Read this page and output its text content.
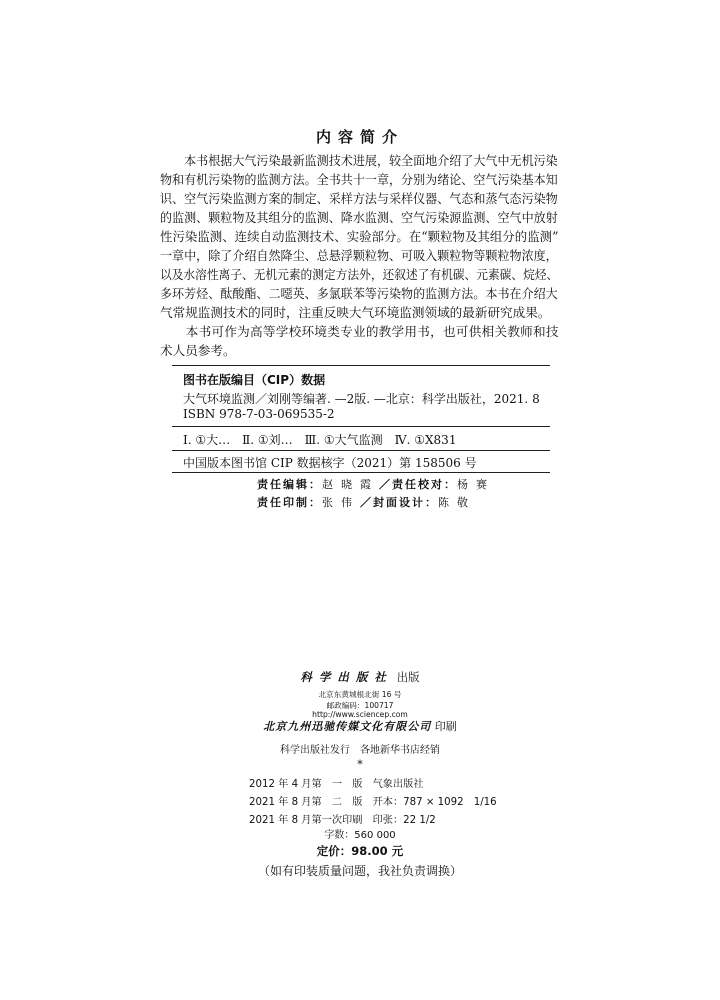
内容简介
　　本书根据大气污染最新监测技术进展，较全面地介绍了大气中无机污染
物和有机污染物的监测方法。全书共十一章，分别为绪论、空气污染基本知
识、空气污染监测方案的制定、采样方法与采样仪器、气态和蒸气态污染物
的监测、颗粒物及其组分的监测、降水监测、空气污染源监测、空气中放射
性污染监测、连续自动监测技术、实验部分。在“颗粒物及其组分的监测”
一章中，除了介绍自然降尘、总悬浮颗粒物、可吸入颗粒物等颗粒物浓度，
以及水溶性离子、无机元素的测定方法外，还叙述了有机碳、元素碳、烷烃、
多环芳烃、酞酸酯、二噁英、多氯联苯等污染物的监测方法。本书在介绍大
气常规监测技术的同时，注重反映大气环境监测领域的最新研究成果。
　　本书可作为高等学校环境类专业的教学用书，也可供相关教师和技
术人员参考。
图书在版编目（CIP）数据
大气环境监测／刘刚等编著. —2版. —北京：科学出版社，2021. 8
ISBN 978-7-03-069535-2
Ⅰ. ①大…　Ⅱ. ①刘…　Ⅲ. ①大气监测　Ⅳ. ①X831
中国版本图书馆 CIP 数据核字（2021）第 158506 号
责任编辑：赵晓霞／责任校对：杨赛
责任印制：张伟／封面设计：陈敬
科学出版社 出版
北京东黄城根北街 16 号
邮政编码：100717
http://www.sciencep.com
北京九州迅驰传媒文化有限公司 印刷
科学出版社发行　各地新华书店经销
*
2012 年 4 月第　一　版　气象出版社
2021 年 8 月第　二　版　开本：787 × 1092　1/16
2021 年 8 月第一次印刷　印张：22 1/2
字数：560 000
定价：98.00 元
（如有印装质量问题，我社负责调换）
